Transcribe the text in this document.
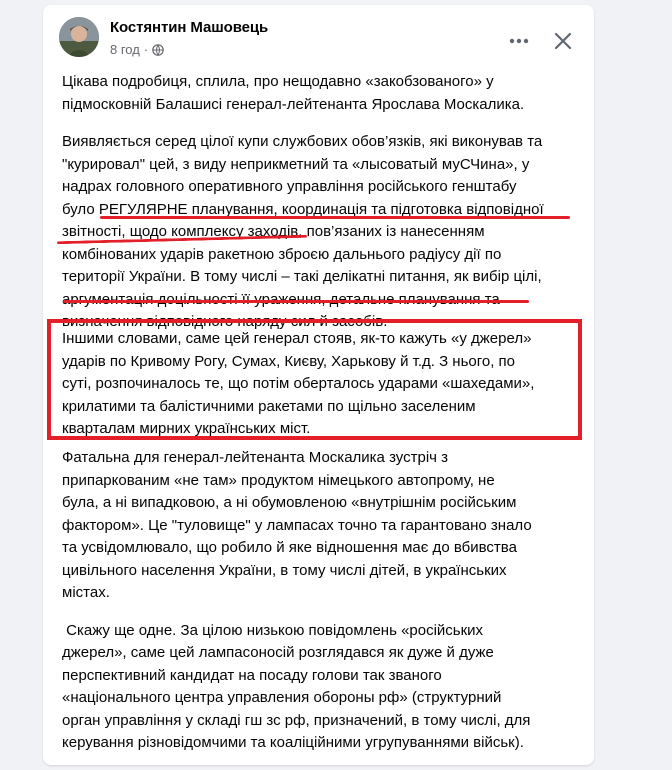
Костянтин Машовець
8 год ·
Цікава подробиця, сплила, про нещодавно «закобзованого» у
підмосковній Балашисі генерал-лейтенанта Ярослава Москалика.
Виявляється серед цілої купи службових обов’язків, які виконував та
"курировал" цей, з виду неприкметний та «лысоватый муСЧина», у
надрах головного оперативного управління російського генштабу
було РЕГУЛЯРНЕ планування, координація та підготовка відповідної
звітності, щодо комплексу заходів, пов’язаних із нанесенням
комбінованих ударів ракетною зброєю дальнього радіусу дії по
території України. В тому числі – такі делікатні питання, як вибір цілі,
аргументація доцільності її ураження, детальне планування та
визначення відповідного наряду сил й засобів.
Іншими словами, саме цей генерал стояв, як-то кажуть «у джерел»
ударів по Кривому Рогу, Сумах, Києву, Харькову й т.д. З нього, по
суті, розпочиналось те, що потім оберталось ударами «шахедами»,
крилатими та балістичними ракетами по щільно заселеним
кварталам мирних українських міст.
Фатальна для генерал-лейтенанта Москалика зустріч з
припаркованим «не там» продуктом німецького автопрому, не
була, а ні випадковою, а ні обумовленою «внутрішнім російським
фактором». Це "туловище" у лампасах точно та гарантовано знало
та усвідомлювало, що робило й яке відношення має до вбивства
цивільного населення України, в тому числі дітей, в українських
містах.
Скажу ще одне. За цілою низькою повідомлень «російських
джерел», саме цей лампасоносій розглядався як дуже й дуже
перспективний кандидат на посаду голови так званого
«національного центра управления обороны рф» (структурний
орган управління у складі гш зс рф, призначений, в тому числі, для
керування різновідомчими та коаліційними угрупуваннями військ).
